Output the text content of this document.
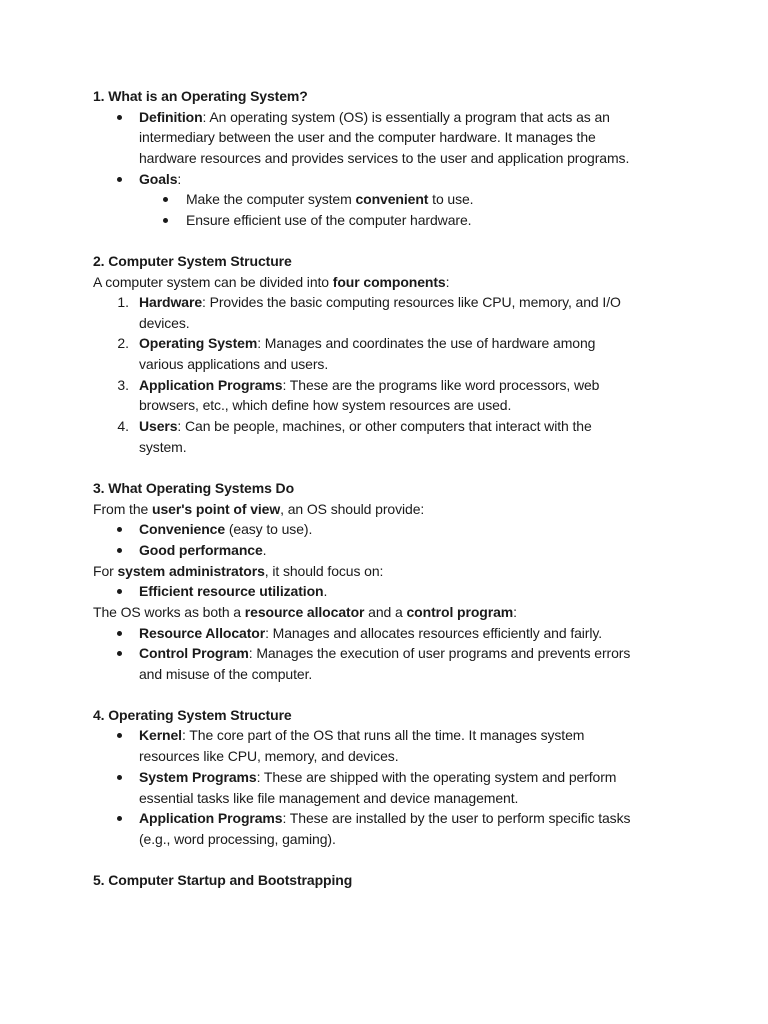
1. What is an Operating System?
Definition: An operating system (OS) is essentially a program that acts as an
intermediary between the user and the computer hardware. It manages the
hardware resources and provides services to the user and application programs.
Goals:
Make the computer system convenient to use.
Ensure efficient use of the computer hardware.
2. Computer System Structure
A computer system can be divided into four components:
1. Hardware: Provides the basic computing resources like CPU, memory, and I/O
devices.
2. Operating System: Manages and coordinates the use of hardware among
various applications and users.
3. Application Programs: These are the programs like word processors, web
browsers, etc., which define how system resources are used.
4. Users: Can be people, machines, or other computers that interact with the
system.
3. What Operating Systems Do
From the user's point of view, an OS should provide:
Convenience (easy to use).
Good performance.
For system administrators, it should focus on:
Efficient resource utilization.
The OS works as both a resource allocator and a control program:
Resource Allocator: Manages and allocates resources efficiently and fairly.
Control Program: Manages the execution of user programs and prevents errors
and misuse of the computer.
4. Operating System Structure
Kernel: The core part of the OS that runs all the time. It manages system
resources like CPU, memory, and devices.
System Programs: These are shipped with the operating system and perform
essential tasks like file management and device management.
Application Programs: These are installed by the user to perform specific tasks
(e.g., word processing, gaming).
5. Computer Startup and Bootstrapping
